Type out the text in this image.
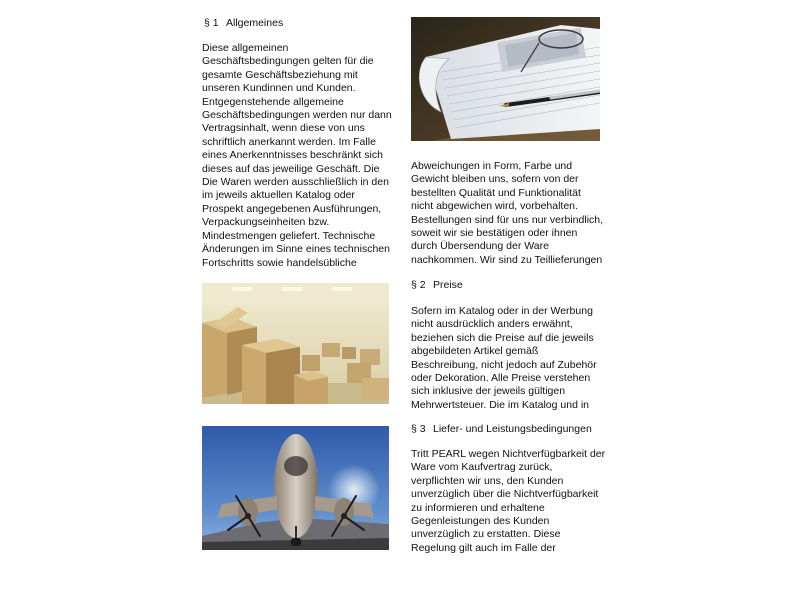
§ 1 Allgemeines
Diese allgemeinen
Geschäftsbedingungen gelten für die
gesamte Geschäftsbeziehung mit
unseren Kundinnen und Kunden.
Entgegenstehende allgemeine
Geschäftsbedingungen werden nur dann
Vertragsinhalt, wenn diese von uns
schriftlich anerkannt werden. Im Falle
eines Anerkenntnisses beschränkt sich
dieses auf das jeweilige Geschäft. Die
Die Waren werden ausschließlich in den
im jeweils aktuellen Katalog oder
Prospekt angegebenen Ausführungen,
Verpackungseinheiten bzw.
Mindestmengen geliefert. Technische
Änderungen im Sinne eines technischen
Fortschritts sowie handelsübliche
Abweichungen in Form, Farbe und
Gewicht bleiben uns, sofern von der
bestellten Qualität und Funktionalität
nicht abgewichen wird, vorbehalten.
Bestellungen sind für uns nur verbindlich,
soweit wir sie bestätigen oder ihnen
durch Übersendung der Ware
nachkommen. Wir sind zu Teillieferungen
§ 2 Preise
Sofern im Katalog oder in der Werbung
nicht ausdrücklich anders erwähnt,
beziehen sich die Preise auf die jeweils
abgebildeten Artikel gemäß
Beschreibung, nicht jedoch auf Zubehör
oder Dekoration. Alle Preise verstehen
sich inklusive der jeweils gültigen
Mehrwertsteuer. Die im Katalog und in
§ 3 Liefer- und Leistungsbedingungen
Tritt PEARL wegen Nichtverfügbarkeit der
Ware vom Kaufvertrag zurück,
verpflichten wir uns, den Kunden
unverzüglich über die Nichtverfügbarkeit
zu informieren und erhaltene
Gegenleistungen des Kunden
unverzüglich zu erstatten. Diese
Regelung gilt auch im Falle der
